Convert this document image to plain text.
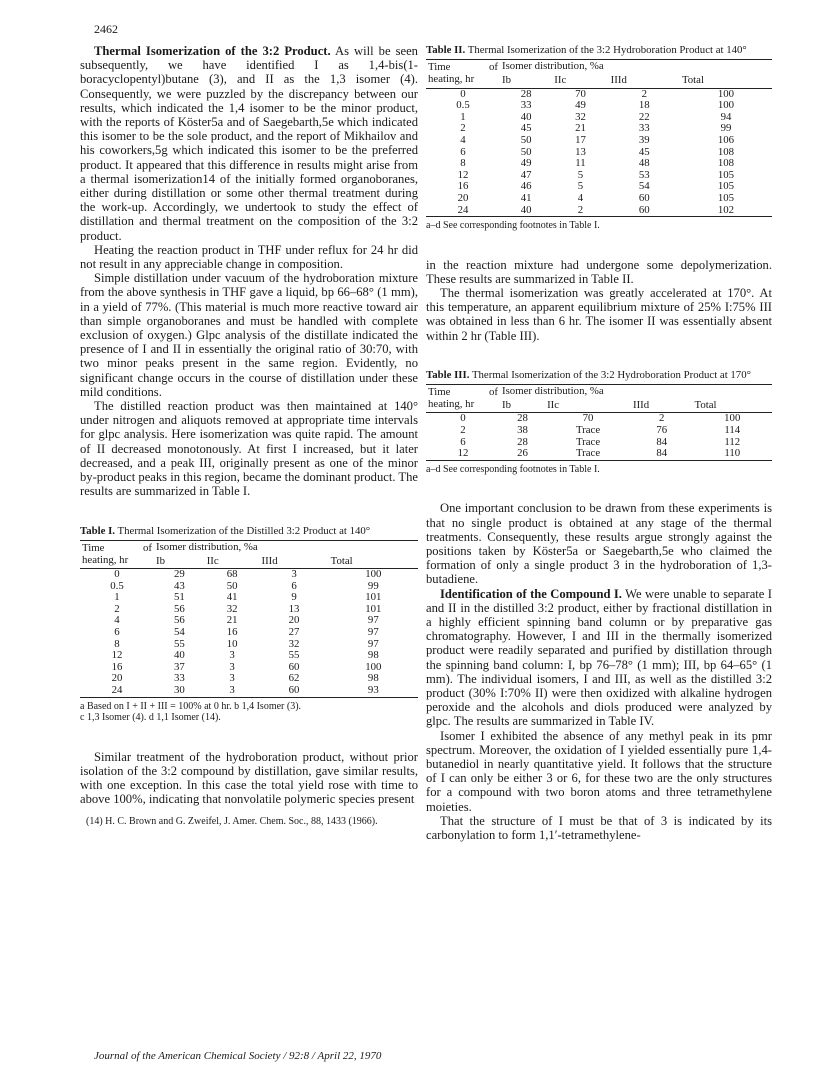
2462

Thermal Isomerization of the 3:2 Product. As will be seen subsequently, we have identified I as 1,4-bis(1-boracyclopentyl)butane (3), and II as the 1,3 isomer (4). Consequently, we were puzzled by the discrepancy between our results, which indicated the 1,4 isomer to be the minor product, with the reports of Köster5a and of Saegebarth,5e which indicated this isomer to be the sole product, and the report of Mikhailov and his coworkers,5g which indicated this isomer to be the preferred product. It appeared that this difference in results might arise from a thermal isomerization14 of the initially formed organoboranes, either during distillation or some other thermal treatment during the work-up. Accordingly, we undertook to study the effect of distillation and thermal treatment on the composition of the 3:2 product.

Heating the reaction product in THF under reflux for 24 hr did not result in any appreciable change in composition.

Simple distillation under vacuum of the hydroboration mixture from the above synthesis in THF gave a liquid, bp 66–68° (1 mm), in a yield of 77%. (This material is much more reactive toward air than simple organoboranes and must be handled with complete exclusion of oxygen.) Glpc analysis of the distillate indicated the presence of I and II in essentially the original ratio of 30:70, with two minor peaks present in the same region. Evidently, no significant change occurs in the course of distillation under these mild conditions.

The distilled reaction product was then maintained at 140° under nitrogen and aliquots removed at appropriate time intervals for glpc analysis. Here isomerization was quite rapid. The amount of II decreased monotonously. At first I increased, but it later decreased, and a peak III, originally present as one of the minor by-product peaks in this region, became the dominant product. The results are summarized in Table I.

Table I. Thermal Isomerization of the Distilled 3:2 Product at 140°

Time of heating, hr	Isomer distribution, %a			
	Ib	IIc	IIId	Total
0	29	68	3	100
0.5	43	50	6	99
1	51	41	9	101
2	56	32	13	101
4	56	21	20	97
6	54	16	27	97
8	55	10	32	97
12	40	3	55	98
16	37	3	60	100
20	33	3	62	98
24	30	3	60	93

a Based on I + II + III = 100% at 0 hr. b 1,4 Isomer (3).

c 1,3 Isomer (4). d 1,1 Isomer (14).

Similar treatment of the hydroboration product, without prior isolation of the 3:2 compound by distillation, gave similar results, with one exception. In this case the total yield rose with time to above 100%, indicating that nonvolatile polymeric species present

(14) H. C. Brown and G. Zweifel, J. Amer. Chem. Soc., 88, 1433 (1966).

Table II. Thermal Isomerization of the 3:2 Hydroboration Product at 140°

Time of heating, hr	Isomer distribution, %a			
	Ib	IIc	IIId	Total
0	28	70	2	100
0.5	33	49	18	100
1	40	32	22	94
2	45	21	33	99
4	50	17	39	106
6	50	13	45	108
8	49	11	48	108
12	47	5	53	105
16	46	5	54	105
20	41	4	60	105
24	40	2	60	102

a–d See corresponding footnotes in Table I.

in the reaction mixture had undergone some depolymerization. These results are summarized in Table II.

The thermal isomerization was greatly accelerated at 170°. At this temperature, an apparent equilibrium mixture of 25% I:75% III was obtained in less than 6 hr. The isomer II was essentially absent within 2 hr (Table III).

Table III. Thermal Isomerization of the 3:2 Hydroboration Product at 170°

Time of heating, hr	Isomer distribution, %a			
	Ib	IIc	IIId	Total
0	28	70	2	100
2	38	Trace	76	114
6	28	Trace	84	112
12	26	Trace	84	110

a–d See corresponding footnotes in Table I.

One important conclusion to be drawn from these experiments is that no single product is obtained at any stage of the thermal treatments. Consequently, these results argue strongly against the positions taken by Köster5a or Saegebarth,5e who claimed the formation of only a single product 3 in the hydroboration of 1,3-butadiene.

Identification of the Compound I. We were unable to separate I and II in the distilled 3:2 product, either by fractional distillation in a highly efficient spinning band column or by preparative gas chromatography. However, I and III in the thermally isomerized product were readily separated and purified by distillation through the spinning band column: I, bp 76–78° (1 mm); III, bp 64–65° (1 mm). The individual isomers, I and III, as well as the distilled 3:2 product (30% I:70% II) were then oxidized with alkaline hydrogen peroxide and the alcohols and diols produced were analyzed by glpc. The results are summarized in Table IV.

Isomer I exhibited the absence of any methyl peak in its pmr spectrum. Moreover, the oxidation of I yielded essentially pure 1,4-butanediol in nearly quantitative yield. It follows that the structure of I can only be either 3 or 6, for these two are the only structures for a compound with two boron atoms and three tetramethylene moieties.

That the structure of I must be that of 3 is indicated by its carbonylation to form 1,1′-tetramethylene-

Journal of the American Chemical Society / 92:8 / April 22, 1970
